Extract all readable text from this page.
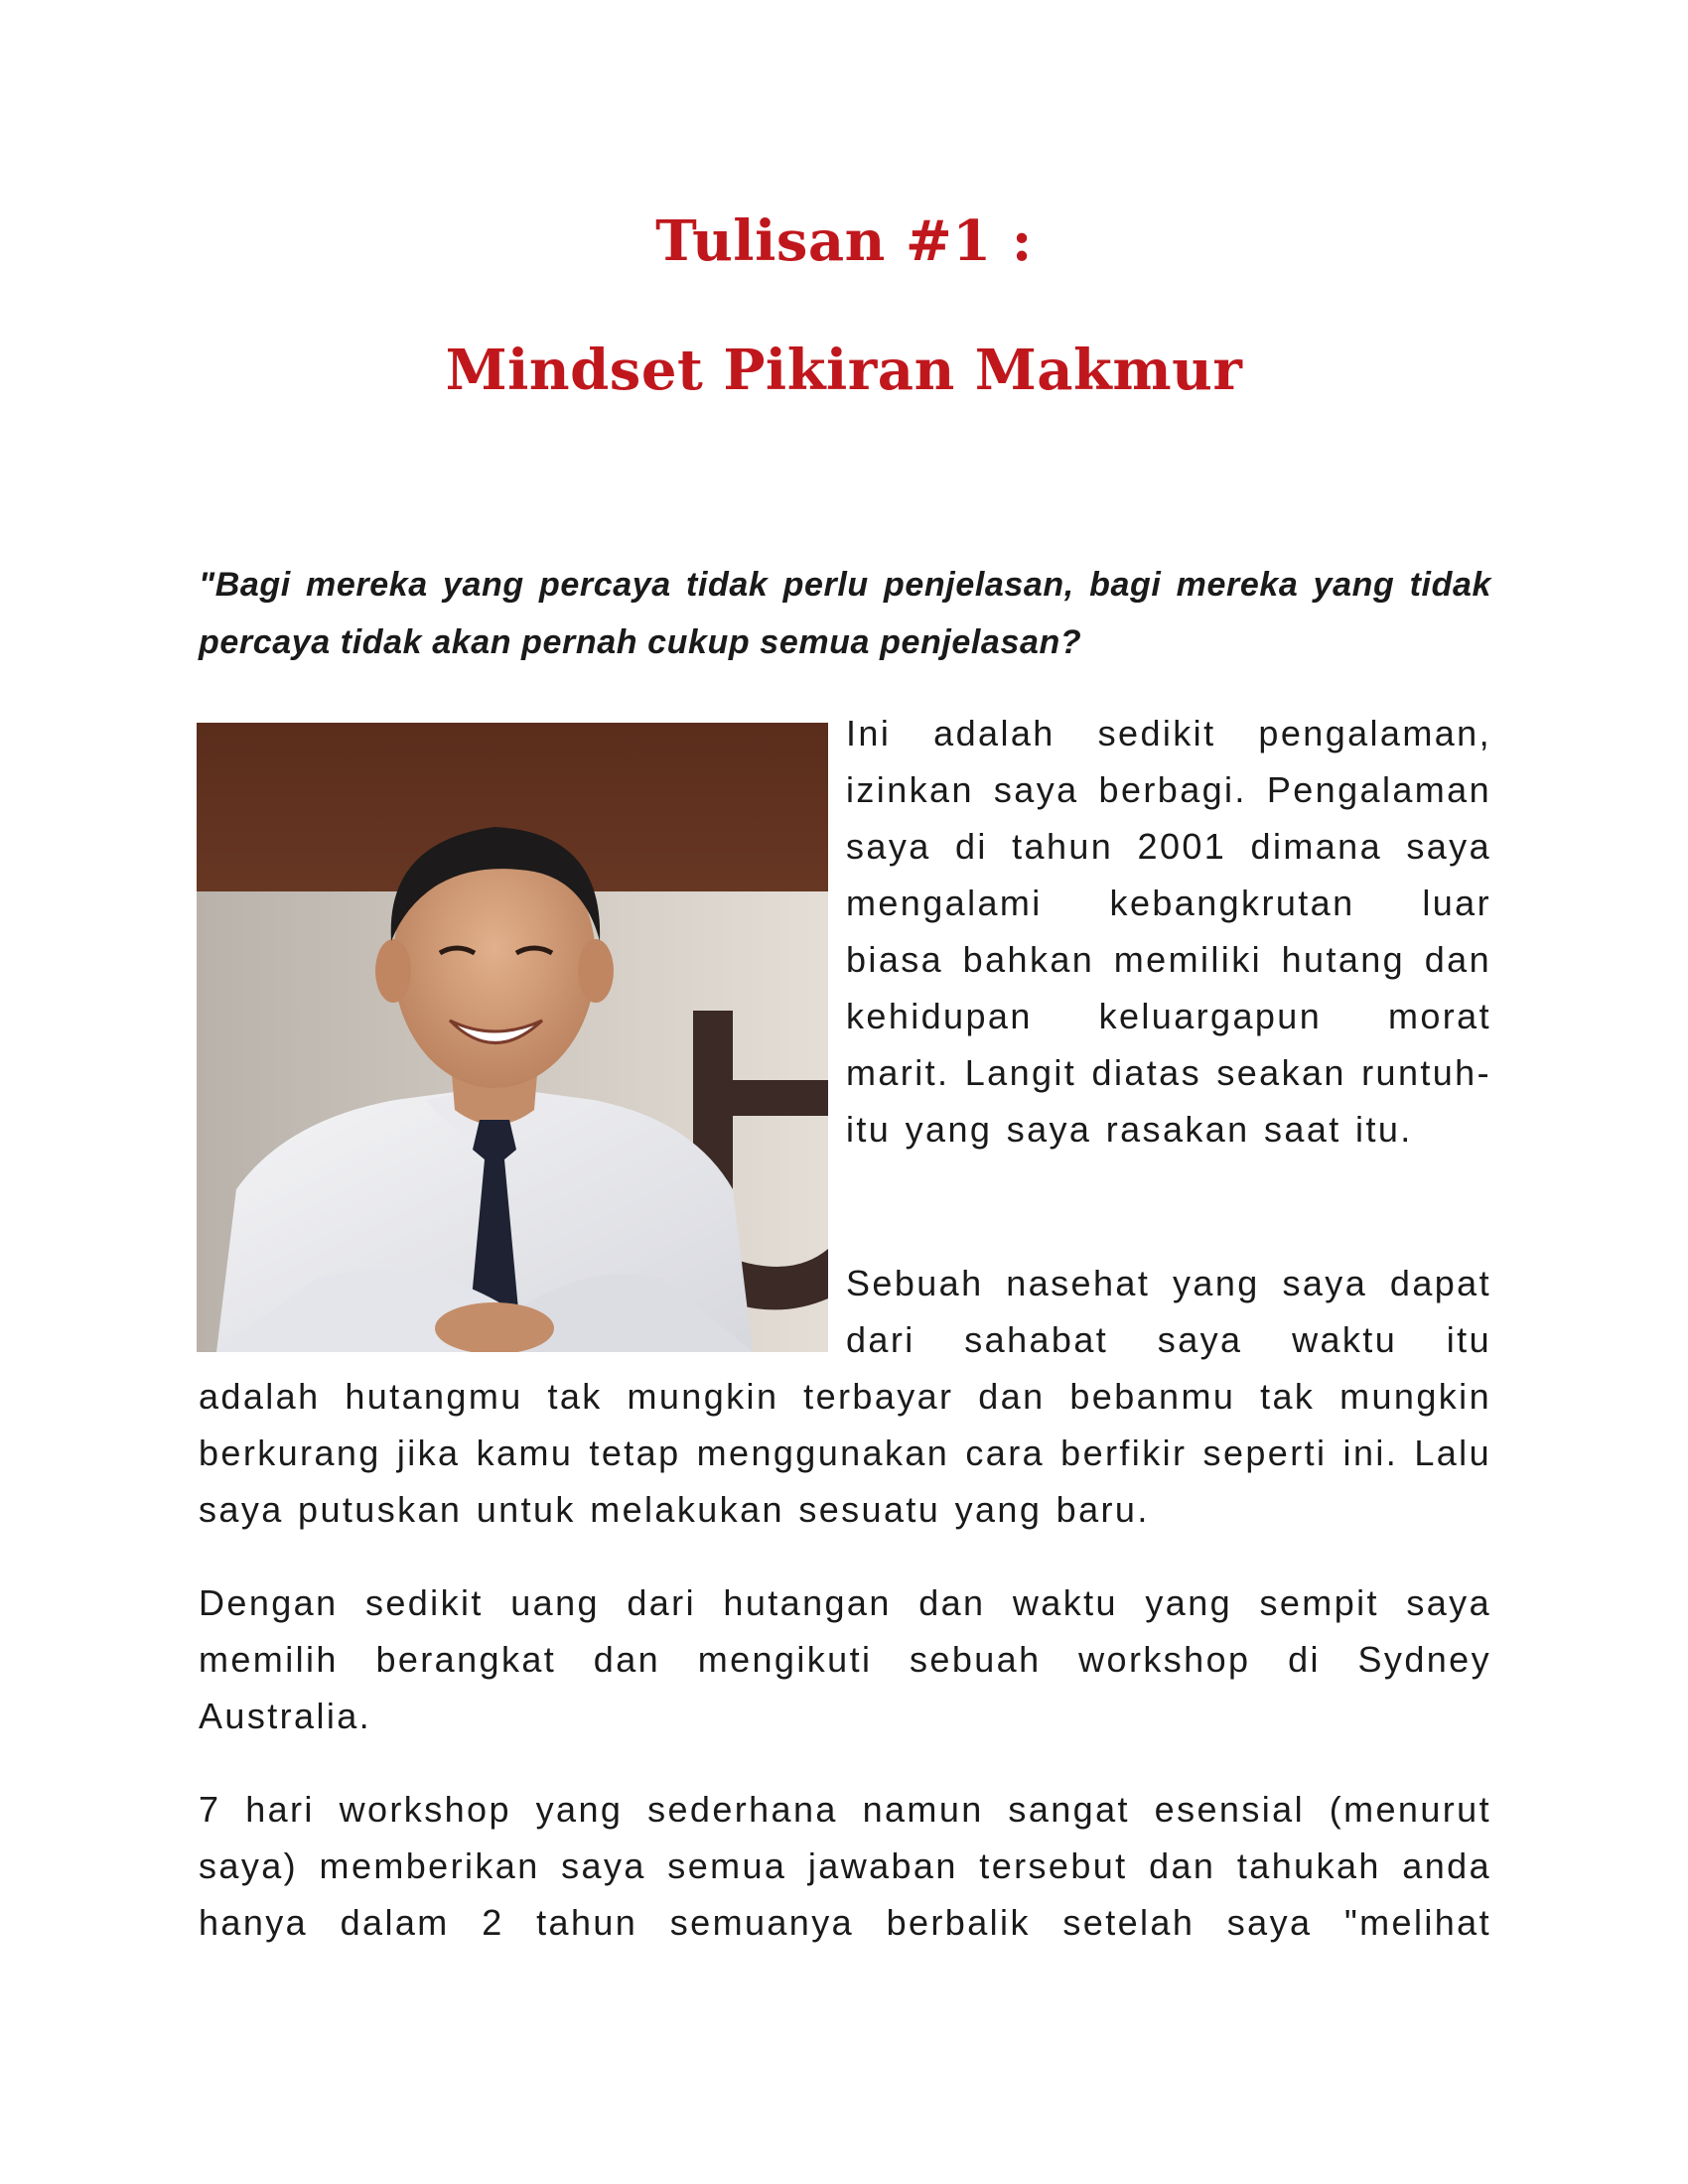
Tulisan #1 :
Mindset Pikiran Makmur

"Bagi mereka yang percaya tidak perlu penjelasan, bagi mereka yang tidak percaya tidak akan pernah cukup semua penjelasan?

Ini adalah sedikit pengalaman, izinkan saya berbagi. Pengalaman saya di tahun 2001 dimana saya mengalami kebangkrutan luar biasa bahkan memiliki hutang dan kehidupan keluargapun morat marit. Langit diatas seakan runtuh-itu yang saya rasakan saat itu.

Sebuah nasehat yang saya dapat dari sahabat saya waktu itu

adalah hutangmu tak mungkin terbayar dan bebanmu tak mungkin berkurang jika kamu tetap menggunakan cara berfikir seperti ini. Lalu saya putuskan untuk melakukan sesuatu yang baru.

Dengan sedikit uang dari hutangan dan waktu yang sempit saya memilih berangkat dan mengikuti sebuah workshop di Sydney Australia.

7 hari workshop yang sederhana namun sangat esensial (menurut saya) memberikan saya semua jawaban tersebut dan tahukah anda hanya dalam 2 tahun semuanya berbalik setelah saya "melihat
